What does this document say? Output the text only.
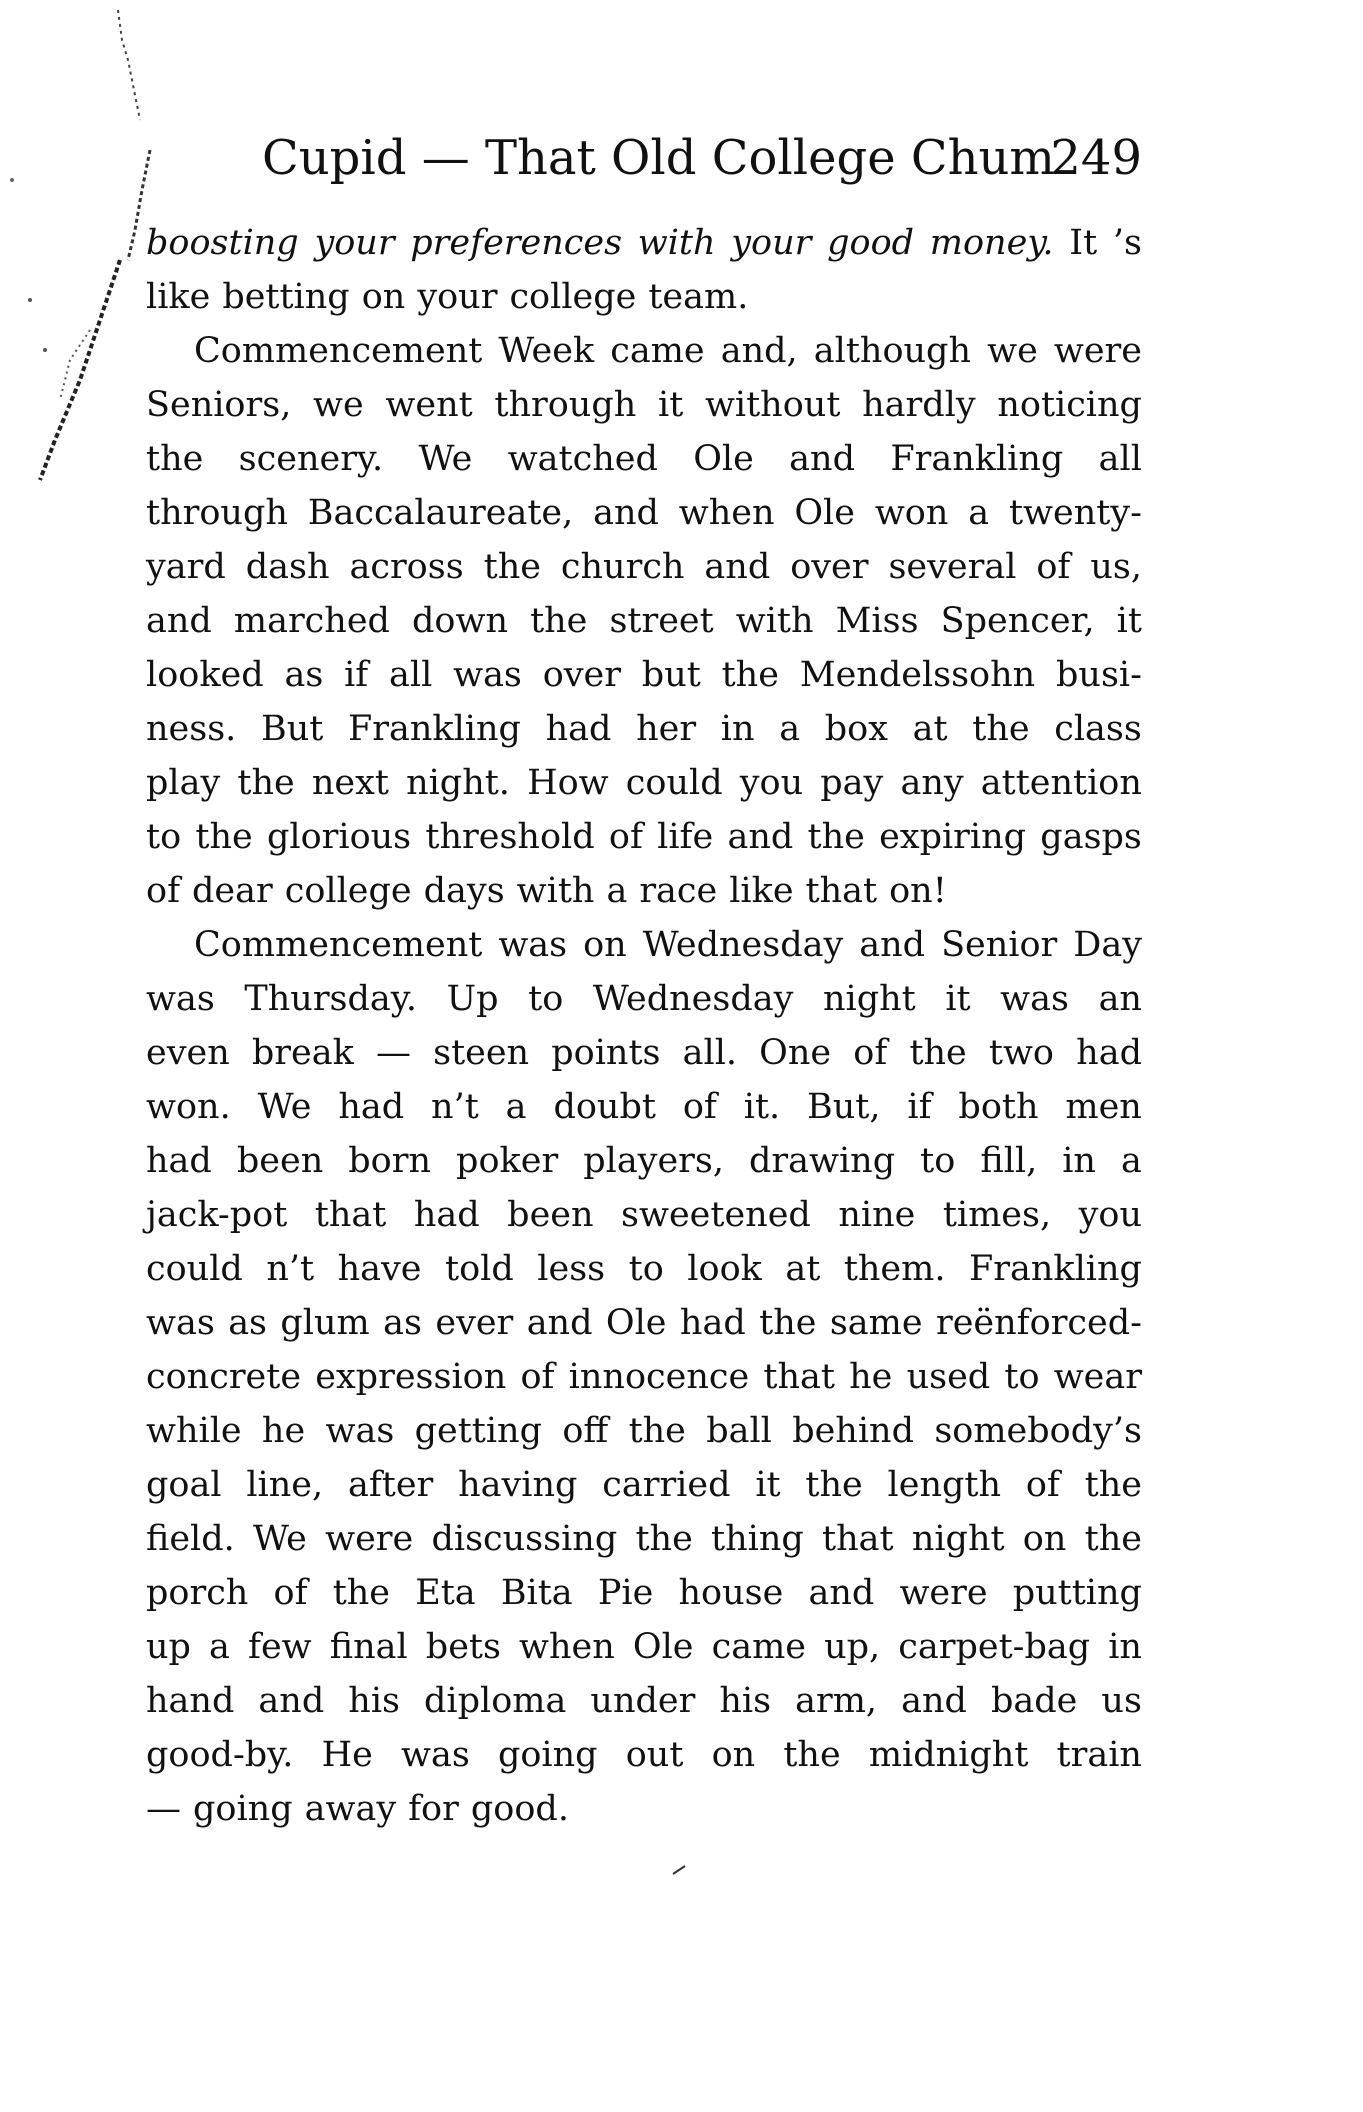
Cupid — That Old College Chum
249
boosting your preferences with your good money. It ’s
like betting on your college team.
Commencement Week came and, although we were
Seniors, we went through it without hardly noticing
the scenery. We watched Ole and Frankling all
through Baccalaureate, and when Ole won a twenty-
yard dash across the church and over several of us,
and marched down the street with Miss Spencer, it
looked as if all was over but the Mendelssohn busi-
ness. But Frankling had her in a box at the class
play the next night. How could you pay any attention
to the glorious threshold of life and the expiring gasps
of dear college days with a race like that on!
Commencement was on Wednesday and Senior Day
was Thursday. Up to Wednesday night it was an
even break — steen points all. One of the two had
won. We had n’t a doubt of it. But, if both men
had been born poker players, drawing to fill, in a
jack-pot that had been sweetened nine times, you
could n’t have told less to look at them. Frankling
was as glum as ever and Ole had the same reënforced-
concrete expression of innocence that he used to wear
while he was getting off the ball behind somebody’s
goal line, after having carried it the length of the
field. We were discussing the thing that night on the
porch of the Eta Bita Pie house and were putting
up a few final bets when Ole came up, carpet-bag in
hand and his diploma under his arm, and bade us
good-by. He was going out on the midnight train
— going away for good.
